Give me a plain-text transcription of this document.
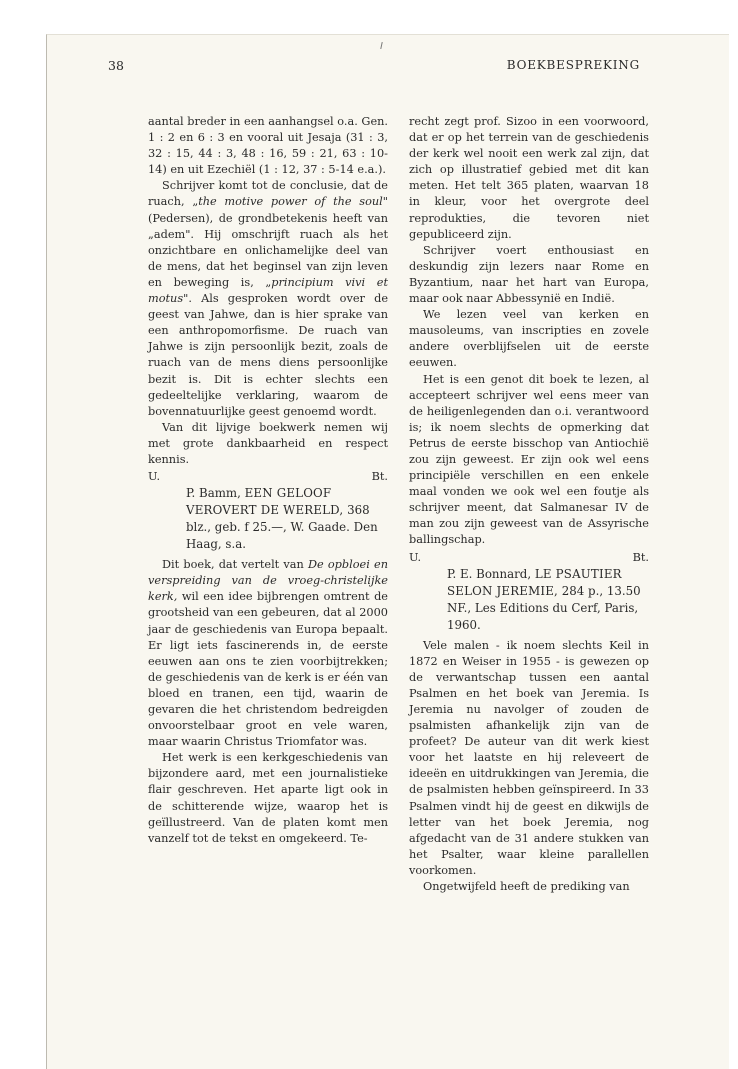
38	BOEKBESPREKING

aantal breder in een aanhangsel o.a. Gen. 1 : 2 en 6 : 3 en vooral uit Jesaja (31 : 3, 32 : 15, 44 : 3, 48 : 16, 59 : 21, 63 : 10-14) en uit Ezechiël (1 : 12, 37 : 5-14 e.a.).

Schrijver komt tot de conclusie, dat de ruach, „the motive power of the soul" (Pedersen), de grondbetekenis heeft van „adem". Hij omschrijft ruach als het onzichtbare en onlichamelijke deel van de mens, dat het beginsel van zijn leven en beweging is, „principium vivi et motus". Als gesproken wordt over de geest van Jahwe, dan is hier sprake van een anthropomorfisme. De ruach van Jahwe is zijn persoonlijk bezit, zoals de ruach van de mens diens persoonlijke bezit is. Dit is echter slechts een gedeeltelijke verklaring, waarom de bovennatuurlijke geest genoemd wordt.

Van dit lijvige boekwerk nemen wij met grote dankbaarheid en respect kennis.

U.	Bt.

P. Bamm, EEN GELOOF VEROVERT DE WERELD, 368 blz., geb. f 25.—, W. Gaade. Den Haag, s.a.

Dit boek, dat vertelt van De opbloei en verspreiding van de vroeg-christelijke kerk, wil een idee bijbrengen omtrent de grootsheid van een gebeuren, dat al 2000 jaar de geschiedenis van Europa bepaalt. Er ligt iets fascinerends in, de eerste eeuwen aan ons te zien voorbijtrekken; de geschiedenis van de kerk is er één van bloed en tranen, een tijd, waarin de gevaren die het christendom bedreigden onvoorstelbaar groot en vele waren, maar waarin Christus Triomfator was.

Het werk is een kerkgeschiedenis van bijzondere aard, met een journalistieke flair geschreven. Het aparte ligt ook in de schitterende wijze, waarop het is geïllustreerd. Van de platen komt men vanzelf tot de tekst en omgekeerd. Te-

recht zegt prof. Sizoo in een voorwoord, dat er op het terrein van de geschiedenis der kerk wel nooit een werk zal zijn, dat zich op illustratief gebied met dit kan meten. Het telt 365 platen, waarvan 18 in kleur, voor het overgrote deel reprodukties, die tevoren niet gepubliceerd zijn.

Schrijver voert enthousiast en deskundig zijn lezers naar Rome en Byzantium, naar het hart van Europa, maar ook naar Abbessynië en Indië.

We lezen veel van kerken en mausoleums, van inscripties en zovele andere overblijfselen uit de eerste eeuwen.

Het is een genot dit boek te lezen, al accepteert schrijver wel eens meer van de heiligenlegenden dan o.i. verantwoord is; ik noem slechts de opmerking dat Petrus de eerste bisschop van Antiochië zou zijn geweest. Er zijn ook wel eens principiële verschillen en een enkele maal vonden we ook wel een foutje als schrijver meent, dat Salmanesar IV de man zou zijn geweest van de Assyrische ballingschap.

U.	Bt.

P. E. Bonnard, LE PSAUTIER SELON JEREMIE, 284 p., 13.50 NF., Les Editions du Cerf, Paris, 1960.

Vele malen - ik noem slechts Keil in 1872 en Weiser in 1955 - is gewezen op de verwantschap tussen een aantal Psalmen en het boek van Jeremia. Is Jeremia nu navolger of zouden de psalmisten afhankelijk zijn van de profeet? De auteur van dit werk kiest voor het laatste en hij releveert de ideeën en uitdrukkingen van Jeremia, die de psalmisten hebben geïnspireerd. In 33 Psalmen vindt hij de geest en dikwijls de letter van het boek Jeremia, nog afgedacht van de 31 andere stukken van het Psalter, waar kleine parallellen voorkomen.

Ongetwijfeld heeft de prediking van
